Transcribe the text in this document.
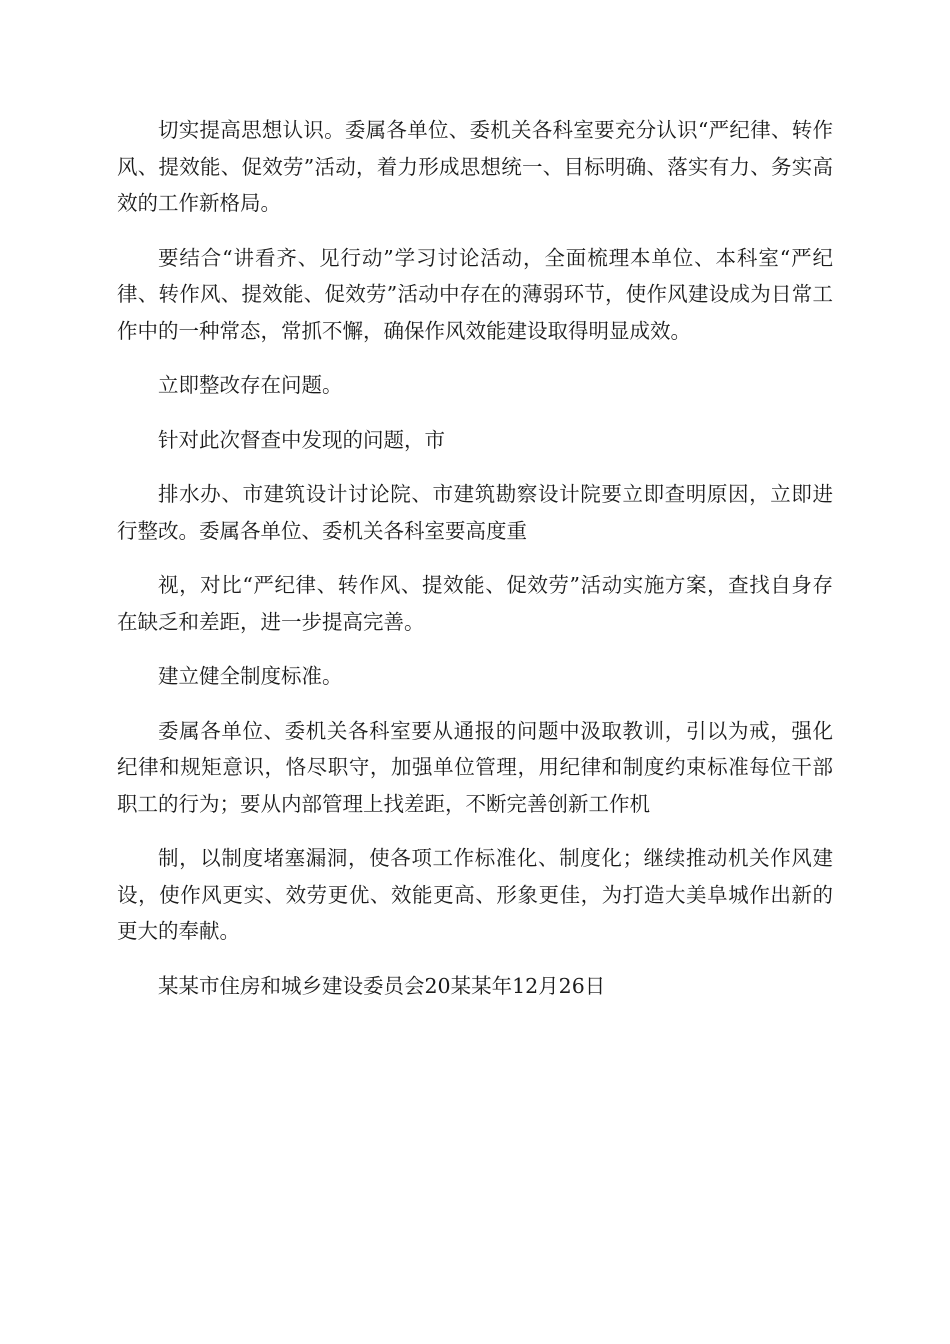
切实提高思想认识。委属各单位、委机关各科室要充分认识“严纪律、转作风、提效能、促效劳”活动，着力形成思想统一、目标明确、落实有力、务实高效的工作新格局。

要结合“讲看齐、见行动”学习讨论活动，全面梳理本单位、本科室“严纪律、转作风、提效能、促效劳”活动中存在的薄弱环节，使作风建设成为日常工作中的一种常态，常抓不懈，确保作风效能建设取得明显成效。

立即整改存在问题。

针对此次督查中发现的问题，市

排水办、市建筑设计讨论院、市建筑勘察设计院要立即查明原因，立即进行整改。委属各单位、委机关各科室要高度重

视，对比“严纪律、转作风、提效能、促效劳”活动实施方案，查找自身存在缺乏和差距，进一步提高完善。

建立健全制度标准。

委属各单位、委机关各科室要从通报的问题中汲取教训，引以为戒，强化纪律和规矩意识，恪尽职守，加强单位管理，用纪律和制度约束标准每位干部职工的行为；要从内部管理上找差距，不断完善创新工作机

制，以制度堵塞漏洞，使各项工作标准化、制度化；继续推动机关作风建设，使作风更实、效劳更优、效能更高、形象更佳，为打造大美阜城作出新的更大的奉献。

某某市住房和城乡建设委员会20某某年12月26日
